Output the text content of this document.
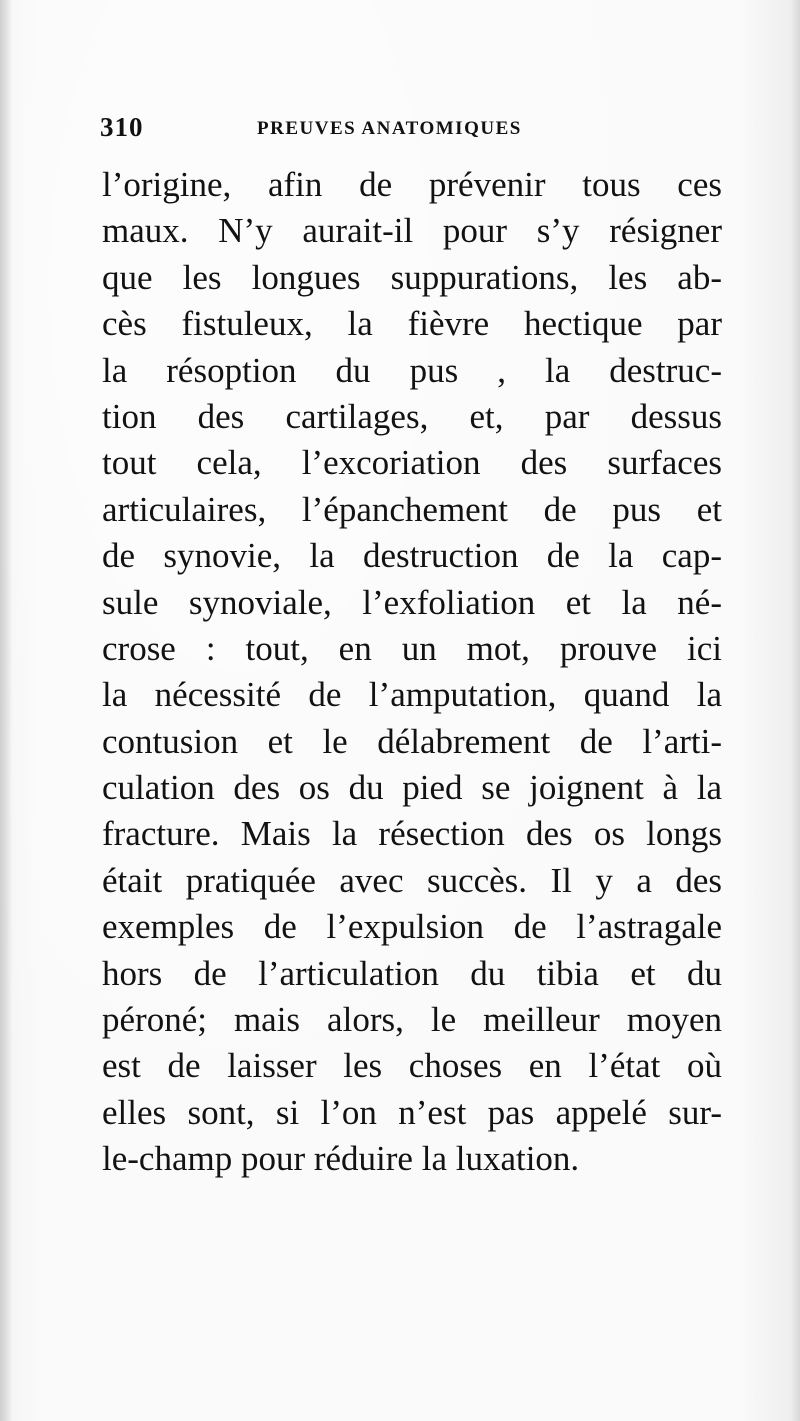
310	PREUVES ANATOMIQUES
l’origine, afin de prévenir tous ces
maux. N’y aurait-il pour s’y résigner
que les longues suppurations, les ab-
cès fistuleux, la fièvre hectique par
la résoption du pus , la destruc-
tion des cartilages, et, par dessus
tout cela, l’excoriation des surfaces
articulaires, l’épanchement de pus et
de synovie, la destruction de la cap-
sule synoviale, l’exfoliation et la né-
crose : tout, en un mot, prouve ici
la nécessité de l’amputation, quand la
contusion et le délabrement de l’arti-
culation des os du pied se joignent à la
fracture. Mais la résection des os longs
était pratiquée avec succès. Il y a des
exemples de l’expulsion de l’astragale
hors de l’articulation du tibia et du
péroné; mais alors, le meilleur moyen
est de laisser les choses en l’état où
elles sont, si l’on n’est pas appelé sur-
le-champ pour réduire la luxation.
